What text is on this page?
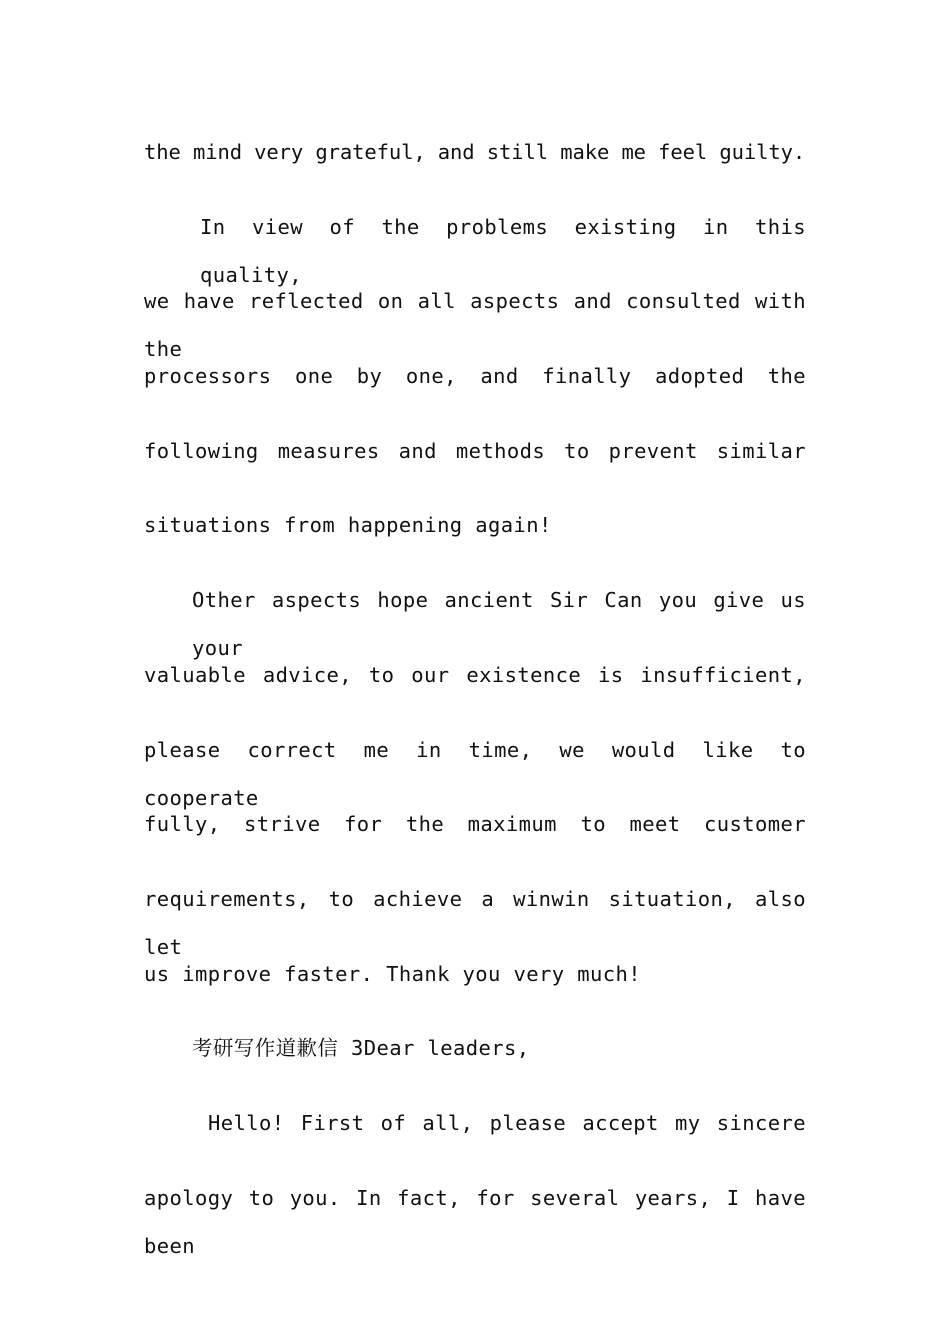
the mind very grateful, and still make me feel guilty.
In view of the problems existing in this quality,
we have reflected on all aspects and consulted with the
processors one by one, and finally adopted the
following measures and methods to prevent similar
situations from happening again!
Other aspects hope ancient Sir Can you give us your
valuable advice, to our existence is insufficient,
please correct me in time, we would like to cooperate
fully, strive for the maximum to meet customer
requirements, to achieve a winwin situation, also let
us improve faster. Thank you very much!
考研写作道歉信 3Dear leaders,
Hello! First of all, please accept my sincere
apology to you. In fact, for several years, I have been
